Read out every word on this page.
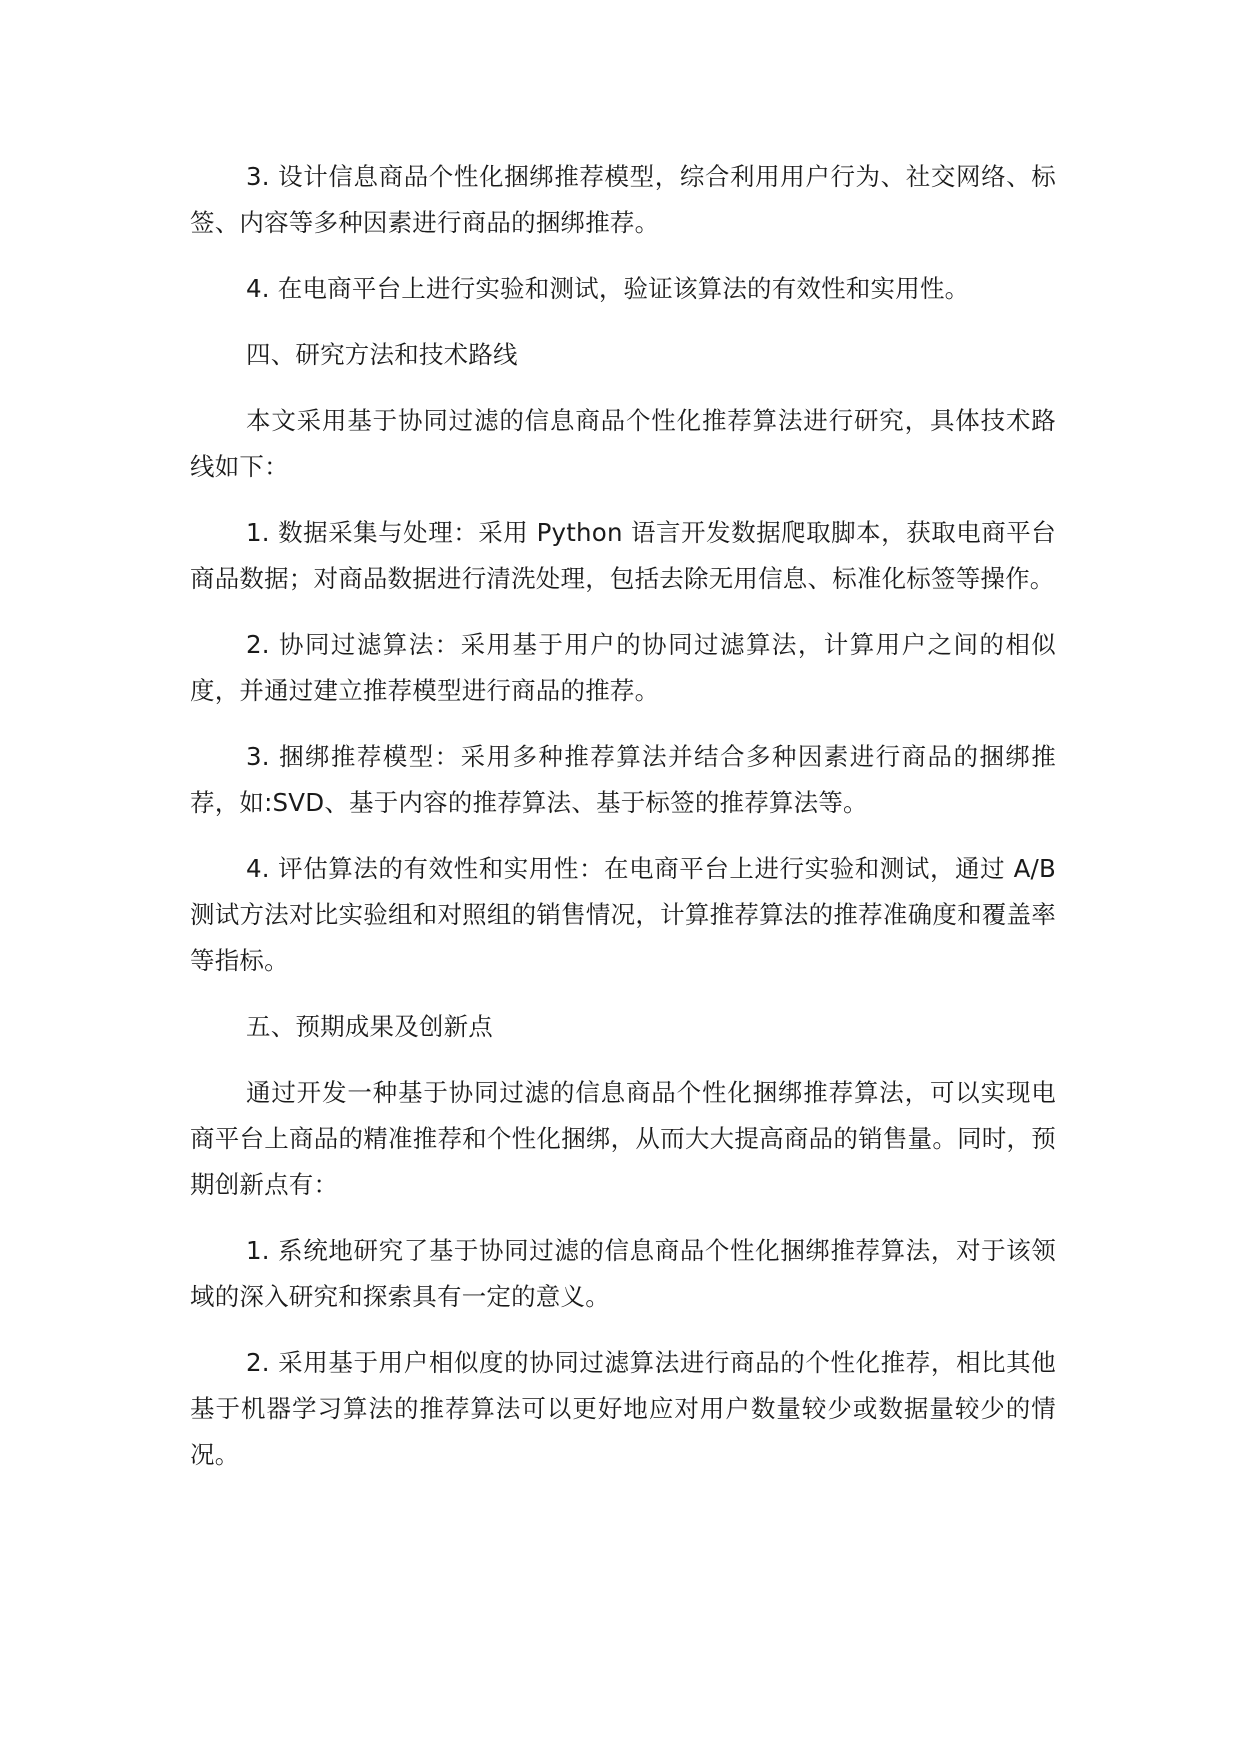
3. 设计信息商品个性化捆绑推荐模型，综合利用用户行为、社交网络、标签、内容等多种因素进行商品的捆绑推荐。

4. 在电商平台上进行实验和测试，验证该算法的有效性和实用性。

四、研究方法和技术路线

本文采用基于协同过滤的信息商品个性化推荐算法进行研究，具体技术路线如下：

1. 数据采集与处理：采用 Python 语言开发数据爬取脚本，获取电商平台商品数据；对商品数据进行清洗处理，包括去除无用信息、标准化标签等操作。

2. 协同过滤算法：采用基于用户的协同过滤算法，计算用户之间的相似度，并通过建立推荐模型进行商品的推荐。

3. 捆绑推荐模型：采用多种推荐算法并结合多种因素进行商品的捆绑推荐，如:SVD、基于内容的推荐算法、基于标签的推荐算法等。

4. 评估算法的有效性和实用性：在电商平台上进行实验和测试，通过 A/B 测试方法对比实验组和对照组的销售情况，计算推荐算法的推荐准确度和覆盖率等指标。

五、预期成果及创新点

通过开发一种基于协同过滤的信息商品个性化捆绑推荐算法，可以实现电商平台上商品的精准推荐和个性化捆绑，从而大大提高商品的销售量。同时，预期创新点有：

1. 系统地研究了基于协同过滤的信息商品个性化捆绑推荐算法，对于该领域的深入研究和探索具有一定的意义。

2. 采用基于用户相似度的协同过滤算法进行商品的个性化推荐，相比其他基于机器学习算法的推荐算法可以更好地应对用户数量较少或数据量较少的情况。
